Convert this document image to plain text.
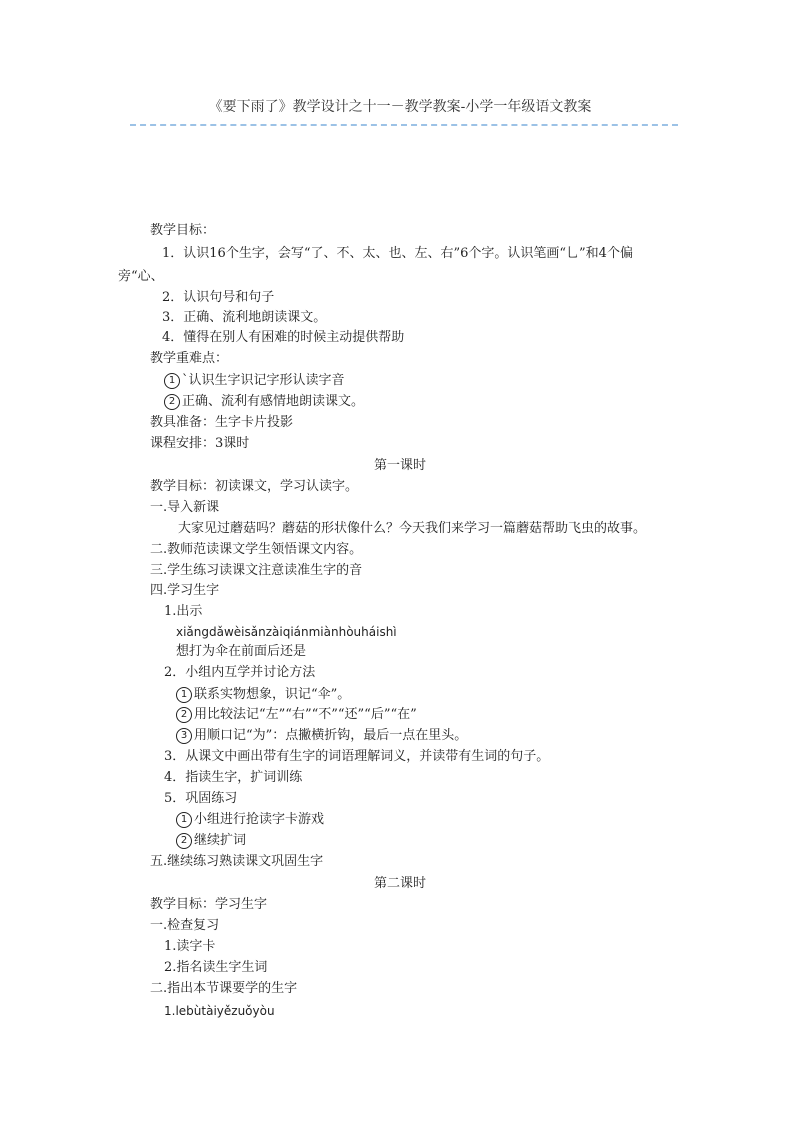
《要下雨了》教学设计之十一－教学教案-小学一年级语文教案
教学目标：
1．认识16个生字，会写“了、不、太、也、左、右”6个字。认识笔画“乚”和4个偏
旁“心、
2．认识句号和句子
3．正确、流利地朗读课文。
4．懂得在别人有困难的时候主动提供帮助
教学重难点：
1 `认识生字识记字形认读字音
2 正确、流利有感情地朗读课文。
教具准备：生字卡片投影
课程安排：3课时
第一课时
教学目标：初读课文，学习认读字。
一.导入新课
大家见过蘑菇吗？蘑菇的形状像什么？今天我们来学习一篇蘑菇帮助飞虫的故事。
二.教师范读课文学生领悟课文内容。
三.学生练习读课文注意读准生字的音
四.学习生字
1.出示
xiǎngdǎwèisǎnzàiqiánmiànhòuháishì
想打为伞在前面后还是
2．小组内互学并讨论方法
1 联系实物想象，识记“伞”。
2 用比较法记“左”“右”“不”“还”“后”“在”
3 用顺口记“为”：点撇横折钩，最后一点在里头。
3．从课文中画出带有生字的词语理解词义，并读带有生词的句子。
4．指读生字，扩词训练
5．巩固练习
1 小组进行抢读字卡游戏
2 继续扩词
五.继续练习熟读课文巩固生字
第二课时
教学目标：学习生字
一.检查复习
1.读字卡
2.指名读生字生词
二.指出本节课要学的生字
1.lebùtàiyězuǒyòu
